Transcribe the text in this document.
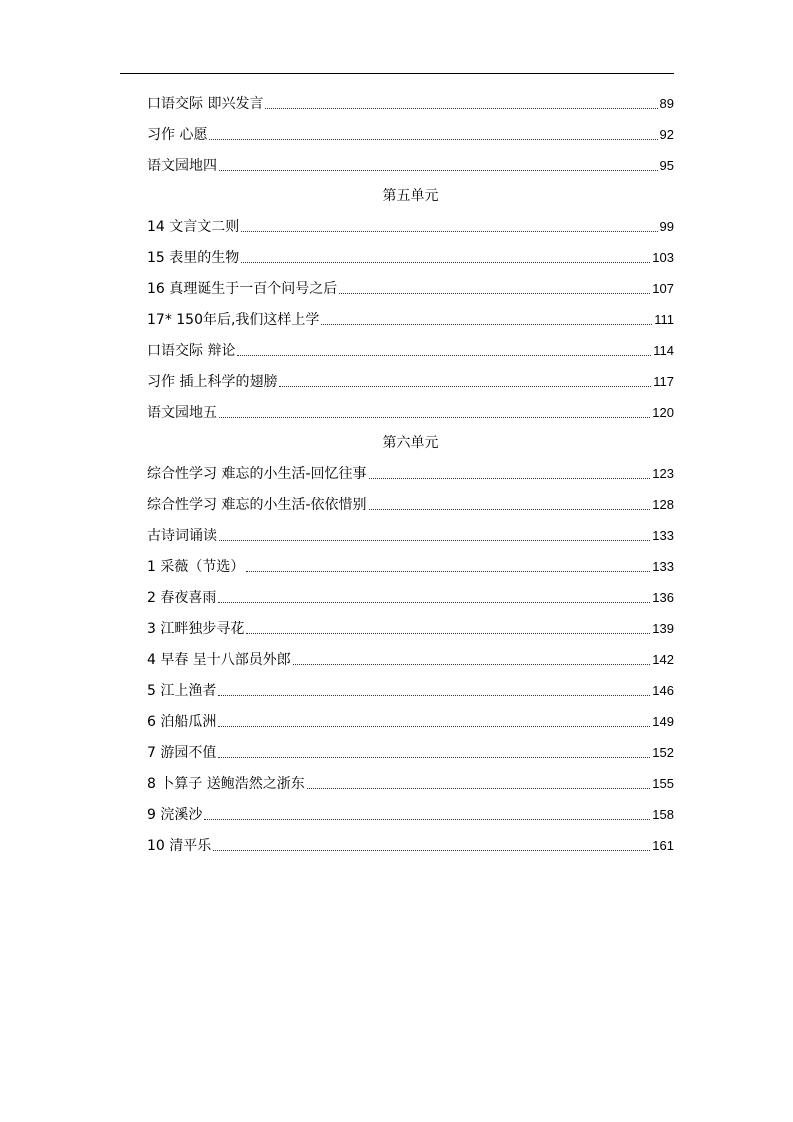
口语交际 即兴发言	89
习作 心愿	92
语文园地四	95
第五单元
14 文言文二则	99
15 表里的生物	103
16 真理诞生于一百个问号之后	107
17* 150年后,我们这样上学	111
口语交际 辩论	114
习作 插上科学的翅膀	117
语文园地五	120
第六单元
综合性学习 难忘的小生活-回忆往事	123
综合性学习 难忘的小生活-依依惜别	128
古诗词诵读	133
1 采薇（节选）	133
2 春夜喜雨	136
3 江畔独步寻花	139
4 早春 呈十八部员外郎	142
5 江上渔者	146
6 泊船瓜洲	149
7 游园不值	152
8 卜算子 送鲍浩然之浙东	155
9 浣溪沙	158
10 清平乐	161
